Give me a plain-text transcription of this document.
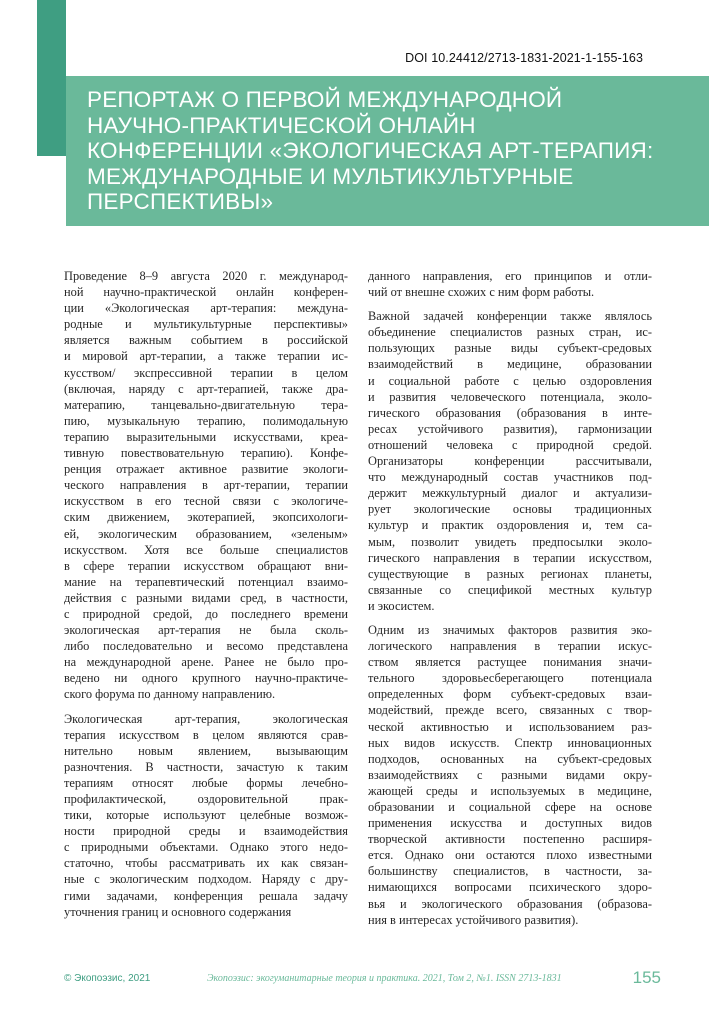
DOI 10.24412/2713-1831-2021-1-155-163
РЕПОРТАЖ О ПЕРВОЙ МЕЖДУНАРОДНОЙ
НАУЧНО-ПРАКТИЧЕСКОЙ ОНЛАЙН
КОНФЕРЕНЦИИ «ЭКОЛОГИЧЕСКАЯ АРТ-ТЕРАПИЯ:
МЕЖДУНАРОДНЫЕ И МУЛЬТИКУЛЬТУРНЫЕ
ПЕРСПЕКТИВЫ»
Проведение 8–9 августа 2020 г. международ-
ной научно-практической онлайн конферен-
ции «Экологическая арт-терапия: междуна-
родные и мультикультурные перспективы»
является важным событием в российской
и мировой арт-терапии, а также терапии ис-
кусством/ экспрессивной терапии в целом
(включая, наряду с арт-терапией, также дра-
матерапию, танцевально-двигательную тера-
пию, музыкальную терапию, полимодальную
терапию выразительными искусствами, креа-
тивную повествовательную терапию). Конфе-
ренция отражает активное развитие экологи-
ческого направления в арт-терапии, терапии
искусством в его тесной связи с экологиче-
ским движением, экотерапией, экопсихологи-
ей, экологическим образованием, «зеленым»
искусством. Хотя все больше специалистов
в сфере терапии искусством обращают вни-
мание на терапевтический потенциал взаимо-
действия с разными видами сред, в частности,
с природной средой, до последнего времени
экологическая арт-терапия не была сколь-
либо последовательно и весомо представлена
на международной арене. Ранее не было про-
ведено ни одного крупного научно-практиче-
ского форума по данному направлению.
Экологическая арт-терапия, экологическая
терапия искусством в целом являются срав-
нительно новым явлением, вызывающим
разночтения. В частности, зачастую к таким
терапиям относят любые формы лечебно-
профилактической, оздоровительной прак-
тики, которые используют целебные возмож-
ности природной среды и взаимодействия
с природными объектами. Однако этого недо-
статочно, чтобы рассматривать их как связан-
ные с экологическим подходом. Наряду с дру-
гими задачами, конференция решала задачу
уточнения границ и основного содержания
данного направления, его принципов и отли-
чий от внешне схожих с ним форм работы.
Важной задачей конференции также являлось
объединение специалистов разных стран, ис-
пользующих разные виды субъект-средовых
взаимодействий в медицине, образовании
и социальной работе с целью оздоровления
и развития человеческого потенциала, эколо-
гического образования (образования в инте-
ресах устойчивого развития), гармонизации
отношений человека с природной средой.
Организаторы конференции рассчитывали,
что международный состав участников под-
держит межкультурный диалог и актуализи-
рует экологические основы традиционных
культур и практик оздоровления и, тем са-
мым, позволит увидеть предпосылки эколо-
гического направления в терапии искусством,
существующие в разных регионах планеты,
связанные со спецификой местных культур
и экосистем.
Одним из значимых факторов развития эко-
логического направления в терапии искус-
ством является растущее понимания значи-
тельного здоровьесберегающего потенциала
определенных форм субъект-средовых взаи-
модействий, прежде всего, связанных с твор-
ческой активностью и использованием раз-
ных видов искусств. Спектр инновационных
подходов, основанных на субъект-средовых
взаимодействиях с разными видами окру-
жающей среды и используемых в медицине,
образовании и социальной сфере на основе
применения искусства и доступных видов
творческой активности постепенно расширя-
ется. Однако они остаются плохо известными
большинству специалистов, в частности, за-
нимающихся вопросами психического здоро-
вья и экологического образования (образова-
ния в интересах устойчивого развития).
© Экопоэзис, 2021	Экопоэзис: экогуманитарные теория и практика. 2021, Том 2, №1. ISSN 2713-1831	155
